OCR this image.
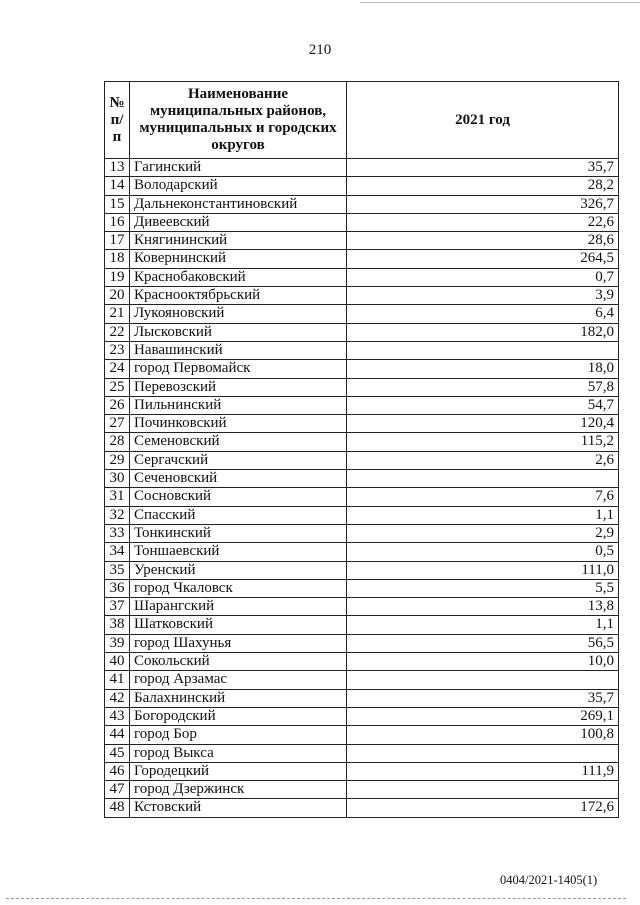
210
№ п/п	Наименование муниципальных районов, муниципальных и городских округов	2021 год
13	Гагинский	35,7
14	Володарский	28,2
15	Дальнеконстантиновский	326,7
16	Дивеевский	22,6
17	Княгининский	28,6
18	Ковернинский	264,5
19	Краснобаковский	0,7
20	Краснооктябрьский	3,9
21	Лукояновский	6,4
22	Лысковский	182,0
23	Навашинский	
24	город Первомайск	18,0
25	Перевозский	57,8
26	Пильнинский	54,7
27	Починковский	120,4
28	Семеновский	115,2
29	Сергачский	2,6
30	Сеченовский	
31	Сосновский	7,6
32	Спасский	1,1
33	Тонкинский	2,9
34	Тоншаевский	0,5
35	Уренский	111,0
36	город Чкаловск	5,5
37	Шарангский	13,8
38	Шатковский	1,1
39	город Шахунья	56,5
40	Сокольский	10,0
41	город Арзамас	
42	Балахнинский	35,7
43	Богородский	269,1
44	город Бор	100,8
45	город Выкса	
46	Городецкий	111,9
47	город Дзержинск	
48	Кстовский	172,6
0404/2021-1405(1)
